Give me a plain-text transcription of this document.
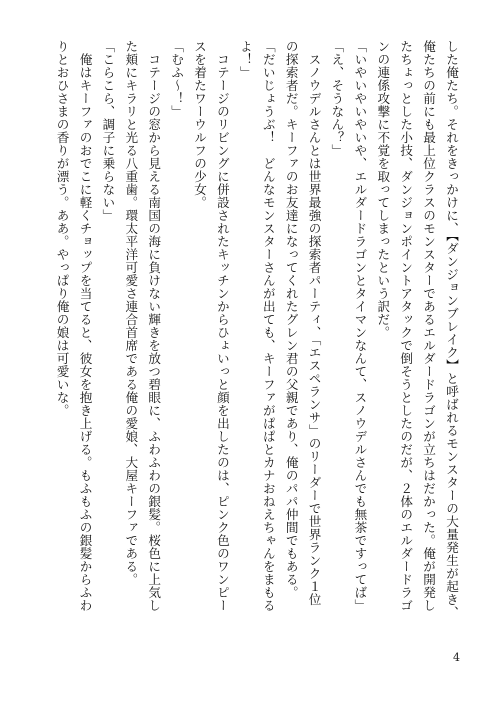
した俺たち。それをきっかけに、【ダンジョンブレイク】と呼ばれるモンスターの大量発生が起き、
俺たちの前にも最上位クラスのモンスターであるエルダードラゴンが立ちはだかった。俺が開発し
たちょっとした小技、ダンジョンポイントアタックで倒そうとしたのだが、２体のエルダードラゴ
ンの連係攻撃に不覚を取ってしまったという訳だ。
「いやいやいやいや、エルダードラゴンとタイマンなんて、スノウデルさんでも無茶ですってば」
「え、そうなん？」
　スノウデルさんとは世界最強の探索者パーティ、「エスペランサ」のリーダーで世界ランク１位
の探索者だ。キーファのお友達になってくれたグレン君の父親であり、俺のパパ仲間でもある。
「だいじょうぶ！　どんなモンスターさんが出ても、キーファがぱぱとカナおねえちゃんをまもる
よ！」
　コテージのリビングに併設されたキッチンからひょいっと顔を出したのは、ピンク色のワンピー
スを着たワーウルフの少女。
「むふ～！」
　コテージの窓から見える南国の海に負けない輝きを放つ碧眼に、ふわふわの銀髪。桜色に上気し
た頬にキラリと光る八重歯。環太平洋可愛さ連合首席である俺の愛娘、大屋キーファである。
「こらこら、調子に乗らない」
　俺はキーファのおでこに軽くチョップを当てると、彼女を抱き上げる。もふもふの銀髪からふわ
りとおひさまの香りが漂う。ああ。やっぱり俺の娘は可愛いな。
4
